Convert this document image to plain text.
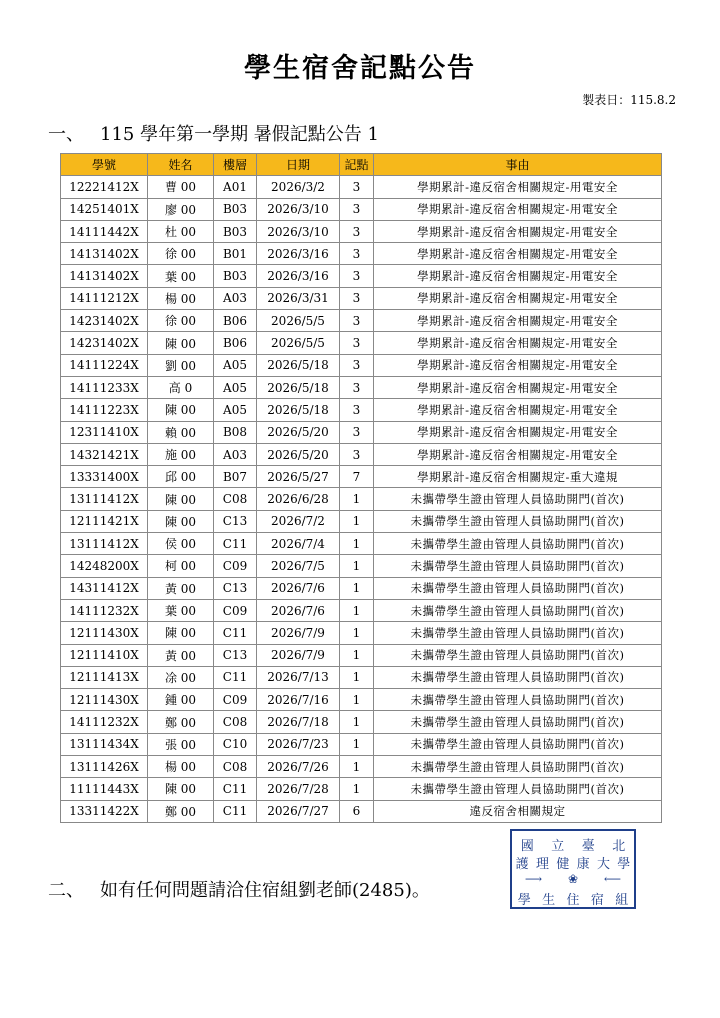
學生宿舍記點公告
製表日：115.8.2
一、 115 學年第一學期 暑假記點公告 1
學號	姓名	樓層	日期	記點	事由
12221412X	曹 00	A01	2026/3/2	3	學期累計-違反宿舍相關規定-用電安全
14251401X	廖 00	B03	2026/3/10	3	學期累計-違反宿舍相關規定-用電安全
14111442X	杜 00	B03	2026/3/10	3	學期累計-違反宿舍相關規定-用電安全
14131402X	徐 00	B01	2026/3/16	3	學期累計-違反宿舍相關規定-用電安全
14131402X	葉 00	B03	2026/3/16	3	學期累計-違反宿舍相關規定-用電安全
14111212X	楊 00	A03	2026/3/31	3	學期累計-違反宿舍相關規定-用電安全
14231402X	徐 00	B06	2026/5/5	3	學期累計-違反宿舍相關規定-用電安全
14231402X	陳 00	B06	2026/5/5	3	學期累計-違反宿舍相關規定-用電安全
14111224X	劉 00	A05	2026/5/18	3	學期累計-違反宿舍相關規定-用電安全
14111233X	高 0	A05	2026/5/18	3	學期累計-違反宿舍相關規定-用電安全
14111223X	陳 00	A05	2026/5/18	3	學期累計-違反宿舍相關規定-用電安全
12311410X	賴 00	B08	2026/5/20	3	學期累計-違反宿舍相關規定-用電安全
14321421X	施 00	A03	2026/5/20	3	學期累計-違反宿舍相關規定-用電安全
13331400X	邱 00	B07	2026/5/27	7	學期累計-違反宿舍相關規定-重大違規
13111412X	陳 00	C08	2026/6/28	1	未攜帶學生證由管理人員協助開門(首次)
12111421X	陳 00	C13	2026/7/2	1	未攜帶學生證由管理人員協助開門(首次)
13111412X	侯 00	C11	2026/7/4	1	未攜帶學生證由管理人員協助開門(首次)
14248200X	柯 00	C09	2026/7/5	1	未攜帶學生證由管理人員協助開門(首次)
14311412X	黃 00	C13	2026/7/6	1	未攜帶學生證由管理人員協助開門(首次)
14111232X	葉 00	C09	2026/7/6	1	未攜帶學生證由管理人員協助開門(首次)
12111430X	陳 00	C11	2026/7/9	1	未攜帶學生證由管理人員協助開門(首次)
12111410X	黃 00	C13	2026/7/9	1	未攜帶學生證由管理人員協助開門(首次)
12111413X	凃 00	C11	2026/7/13	1	未攜帶學生證由管理人員協助開門(首次)
12111430X	鍾 00	C09	2026/7/16	1	未攜帶學生證由管理人員協助開門(首次)
14111232X	鄭 00	C08	2026/7/18	1	未攜帶學生證由管理人員協助開門(首次)
13111434X	張 00	C10	2026/7/23	1	未攜帶學生證由管理人員協助開門(首次)
13111426X	楊 00	C08	2026/7/26	1	未攜帶學生證由管理人員協助開門(首次)
11111443X	陳 00	C11	2026/7/28	1	未攜帶學生證由管理人員協助開門(首次)
13311422X	鄭 00	C11	2026/7/27	6	違反宿舍相關規定
二、 如有任何問題請洽住宿組劉老師(2485)。
國 立 臺 北
護 理 健 康 大 學
⟶ ❀ ⟵
學 生 住 宿 組
